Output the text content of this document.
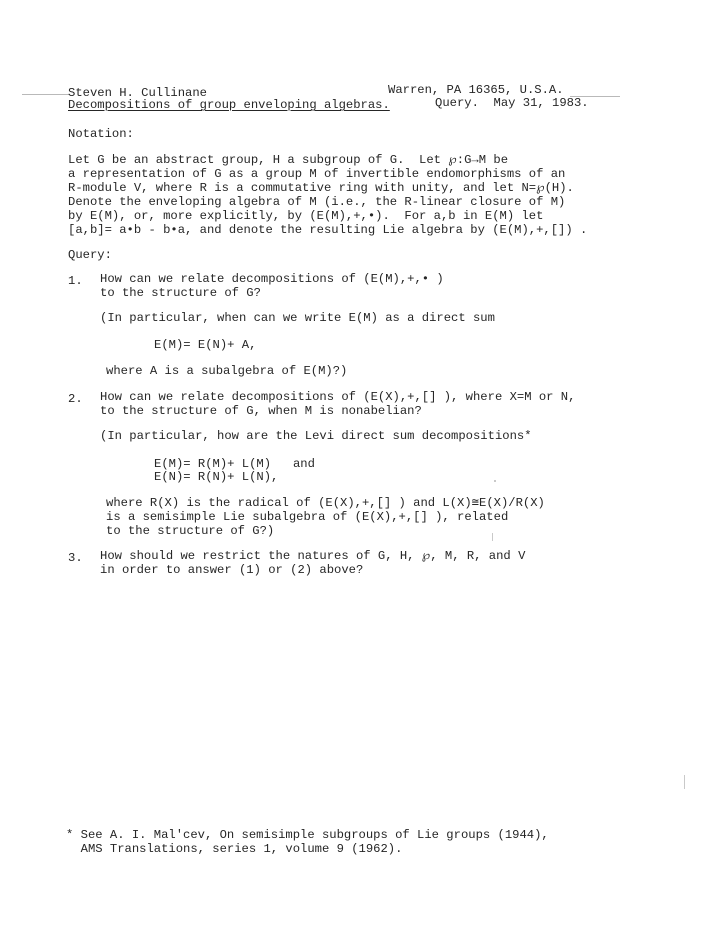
Steven H. Cullinane	Warren, PA 16365, U.S.A.
Decompositions of group enveloping algebras.	Query.  May 31, 1983.
Notation:
Let G be an abstract group, H a subgroup of G.  Let ℘:G→M be
a representation of G as a group M of invertible endomorphisms of an
R-module V, where R is a commutative ring with unity, and let N=℘(H).
Denote the enveloping algebra of M (i.e., the R-linear closure of M)
by E(M), or, more explicitly, by (E(M),+,•).  For a,b in E(M) let
[a,b]= a•b - b•a, and denote the resulting Lie algebra by (E(M),+,[]) .
Query:
1. How can we relate decompositions of (E(M),+,• )
to the structure of G?
(In particular, when can we write E(M) as a direct sum
E(M)= E(N)+ A,
where A is a subalgebra of E(M)?)
2. How can we relate decompositions of (E(X),+,[] ), where X=M or N,
to the structure of G, when M is nonabelian?
(In particular, how are the Levi direct sum decompositions*
E(M)= R(M)+ L(M)   and
E(N)= R(N)+ L(N),
where R(X) is the radical of (E(X),+,[] ) and L(X)≅E(X)/R(X)
is a semisimple Lie subalgebra of (E(X),+,[] ), related
to the structure of G?)
3. How should we restrict the natures of G, H, ℘, M, R, and V
in order to answer (1) or (2) above?
* See A. I. Mal'cev, On semisimple subgroups of Lie groups (1944),
AMS Translations, series 1, volume 9 (1962).
